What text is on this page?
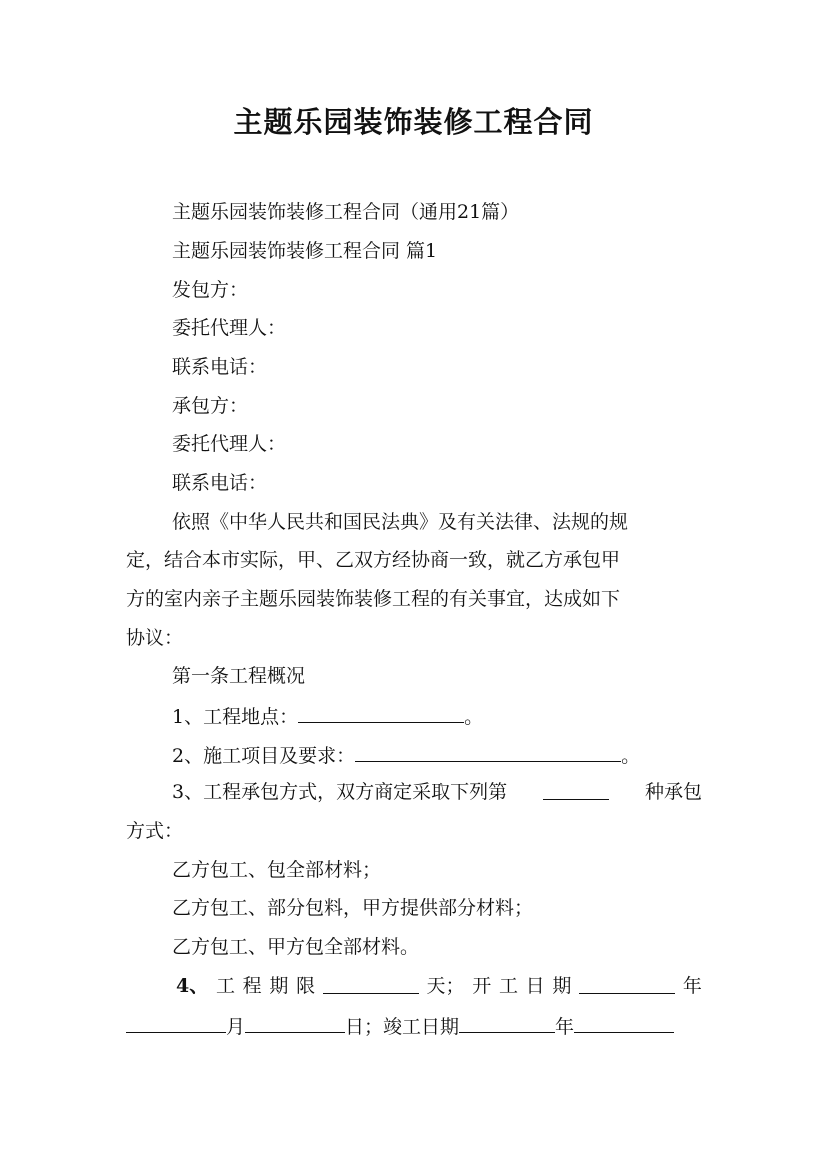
主题乐园装饰装修工程合同
主题乐园装饰装修工程合同（通用21篇）
主题乐园装饰装修工程合同 篇1
发包方：
委托代理人：
联系电话：
承包方：
委托代理人：
联系电话：
依照《中华人民共和国民法典》及有关法律、法规的规
定，结合本市实际，甲、乙双方经协商一致，就乙方承包甲
方的室内亲子主题乐园装饰装修工程的有关事宜，达成如下
协议：
第一条工程概况
1、工程地点：	。
2、施工项目及要求：	。
3、工程承包方式，双方商定采取下列第	种承包
方式：
乙方包工、包全部材料；
乙方包工、部分包料，甲方提供部分材料；
乙方包工、甲方包全部材料。
4、 工 程 期 限	天； 开 工 日 期	年
月	日；竣工日期	年
